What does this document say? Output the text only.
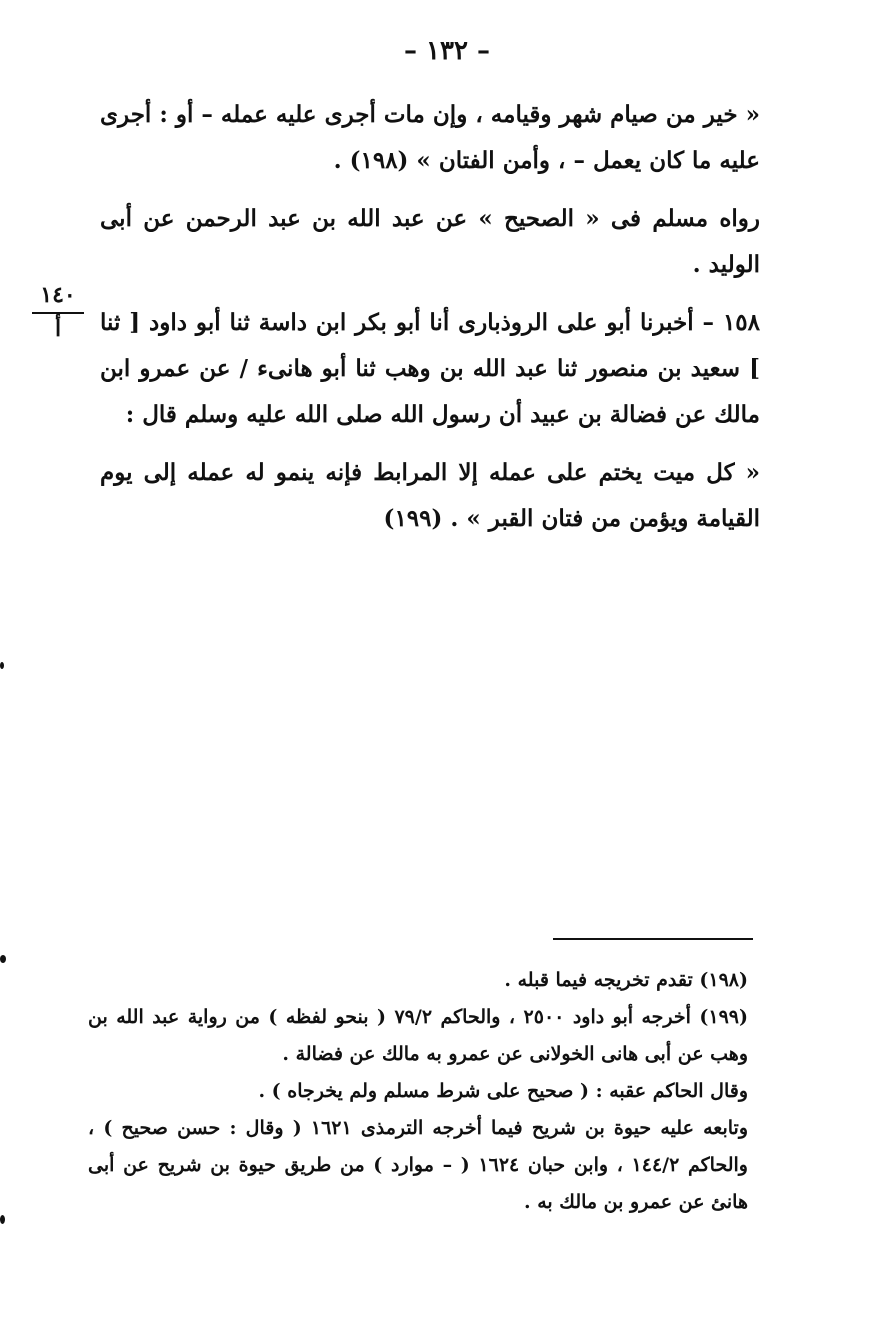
– ١٣٢ –

« خير من صيام شهر وقيامه ، وإن مات أجرى عليه عمله – أو : أجرى عليه ما كان يعمل – ، وأمن الفتان » (١٩٨) .

رواه مسلم فى « الصحيح » عن عبد الله بن عبد الرحمن عن أبى الوليد .

١٥٨ – أخبرنا أبو على الروذبارى أنا أبو بكر ابن داسة ثنا أبو داود [ ثنا ] سعيد بن منصور ثنا عبد الله بن وهب ثنا أبو هانىء / عن عمرو ابن مالك عن فضالة بن عبيد أن رسول الله صلى الله عليه وسلم قال :

« كل ميت يختم على عمله إلا المرابط فإنه ينمو له عمله إلى يوم القيامة ويؤمن من فتان القبر » . (١٩٩)

١٤٠
أ

(١٩٨) تقدم تخريجه فيما قبله .

(١٩٩) أخرجه أبو داود ٢٥٠٠ ، والحاكم ٧٩/٢ ( بنحو لفظه ) من رواية عبد الله بن وهب عن أبى هانى الخولانى عن عمرو به مالك عن فضالة .

وقال الحاكم عقبه : ( صحيح على شرط مسلم ولم يخرجاه ) .

وتابعه عليه حيوة بن شريح فيما أخرجه الترمذى ١٦٢١ ( وقال : حسن صحيح ) ، والحاكم ١٤٤/٢ ، وابن حبان ١٦٢٤ ( – موارد ) من طريق حيوة بن شريح عن أبى هانئ عن عمرو بن مالك به .
